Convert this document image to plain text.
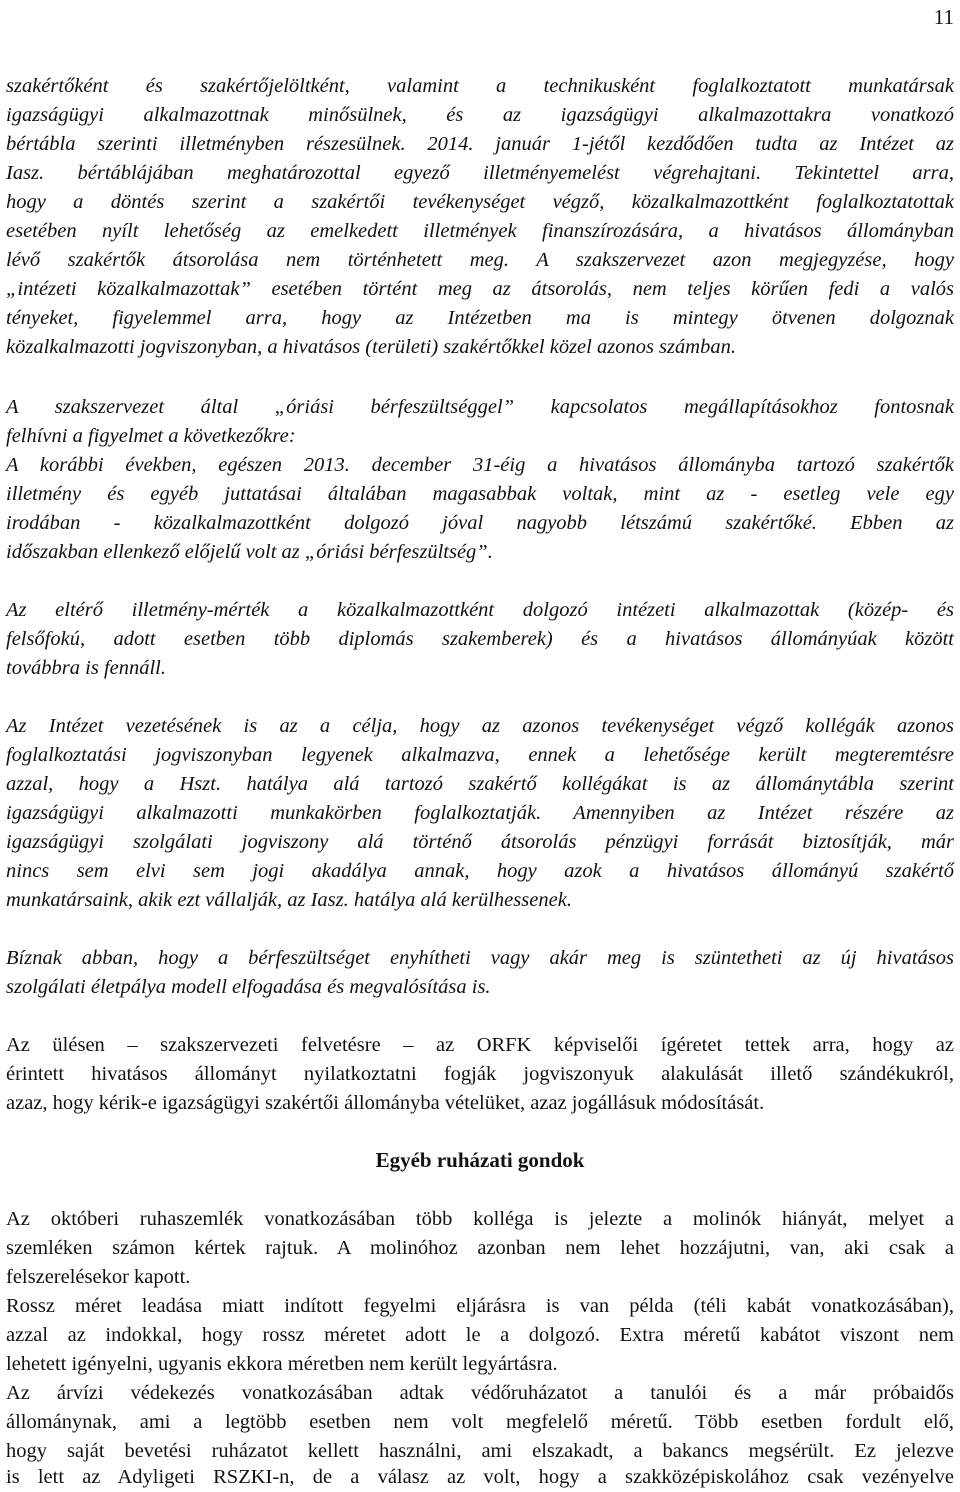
11
szakértőként és szakértőjelöltként, valamint a technikusként foglalkoztatott munkatársak
igazságügyi alkalmazottnak minősülnek, és az igazságügyi alkalmazottakra vonatkozó
bértábla szerinti illetményben részesülnek. 2014. január 1-jétől kezdődően tudta az Intézet az
Iasz. bértáblájában meghatározottal egyező illetményemelést végrehajtani. Tekintettel arra,
hogy a döntés szerint a szakértői tevékenységet végző, közalkalmazottként foglalkoztatottak
esetében nyílt lehetőség az emelkedett illetmények finanszírozására, a hivatásos állományban
lévő szakértők átsorolása nem történhetett meg. A szakszervezet azon megjegyzése, hogy
„intézeti közalkalmazottak” esetében történt meg az átsorolás, nem teljes körűen fedi a valós
tényeket, figyelemmel arra, hogy az Intézetben ma is mintegy ötvenen dolgoznak
közalkalmazotti jogviszonyban, a hivatásos (területi) szakértőkkel közel azonos számban.
A szakszervezet által „óriási bérfeszültséggel” kapcsolatos megállapításokhoz fontosnak
felhívni a figyelmet a következőkre:
A korábbi években, egészen 2013. december 31-éig a hivatásos állományba tartozó szakértők
illetmény és egyéb juttatásai általában magasabbak voltak, mint az - esetleg vele egy
irodában - közalkalmazottként dolgozó jóval nagyobb létszámú szakértőké. Ebben az
időszakban ellenkező előjelű volt az „óriási bérfeszültség”.
Az eltérő illetmény-mérték a közalkalmazottként dolgozó intézeti alkalmazottak (közép- és
felsőfokú, adott esetben több diplomás szakemberek) és a hivatásos állományúak között
továbbra is fennáll.
Az Intézet vezetésének is az a célja, hogy az azonos tevékenységet végző kollégák azonos
foglalkoztatási jogviszonyban legyenek alkalmazva, ennek a lehetősége került megteremtésre
azzal, hogy a Hszt. hatálya alá tartozó szakértő kollégákat is az állománytábla szerint
igazságügyi alkalmazotti munkakörben foglalkoztatják. Amennyiben az Intézet részére az
igazságügyi szolgálati jogviszony alá történő átsorolás pénzügyi forrását biztosítják, már
nincs sem elvi sem jogi akadálya annak, hogy azok a hivatásos állományú szakértő
munkatársaink, akik ezt vállalják, az Iasz. hatálya alá kerülhessenek.
Bíznak abban, hogy a bérfeszültséget enyhítheti vagy akár meg is szüntetheti az új hivatásos
szolgálati életpálya modell elfogadása és megvalósítása is.
Az ülésen – szakszervezeti felvetésre – az ORFK képviselői ígéretet tettek arra, hogy az
érintett hivatásos állományt nyilatkoztatni fogják jogviszonyuk alakulását illető szándékukról,
azaz, hogy kérik-e igazságügyi szakértői állományba vételüket, azaz jogállásuk módosítását.
Egyéb ruházati gondok
Az októberi ruhaszemlék vonatkozásában több kolléga is jelezte a molinók hiányát, melyet a
szemléken számon kértek rajtuk. A molinóhoz azonban nem lehet hozzájutni, van, aki csak a
felszerelésekor kapott.
Rossz méret leadása miatt indított fegyelmi eljárásra is van példa (téli kabát vonatkozásában),
azzal az indokkal, hogy rossz méretet adott le a dolgozó. Extra méretű kabátot viszont nem
lehetett igényelni, ugyanis ekkora méretben nem került legyártásra.
Az árvízi védekezés vonatkozásában adtak védőruházatot a tanulói és a már próbaidős
állománynak, ami a legtöbb esetben nem volt megfelelő méretű. Több esetben fordult elő,
hogy saját bevetési ruházatot kellett használni, ami elszakadt, a bakancs megsérült. Ez jelezve
is lett az Adyligeti RSZKI-n, de a válasz az volt, hogy a szakközépiskolához csak vezényelve
